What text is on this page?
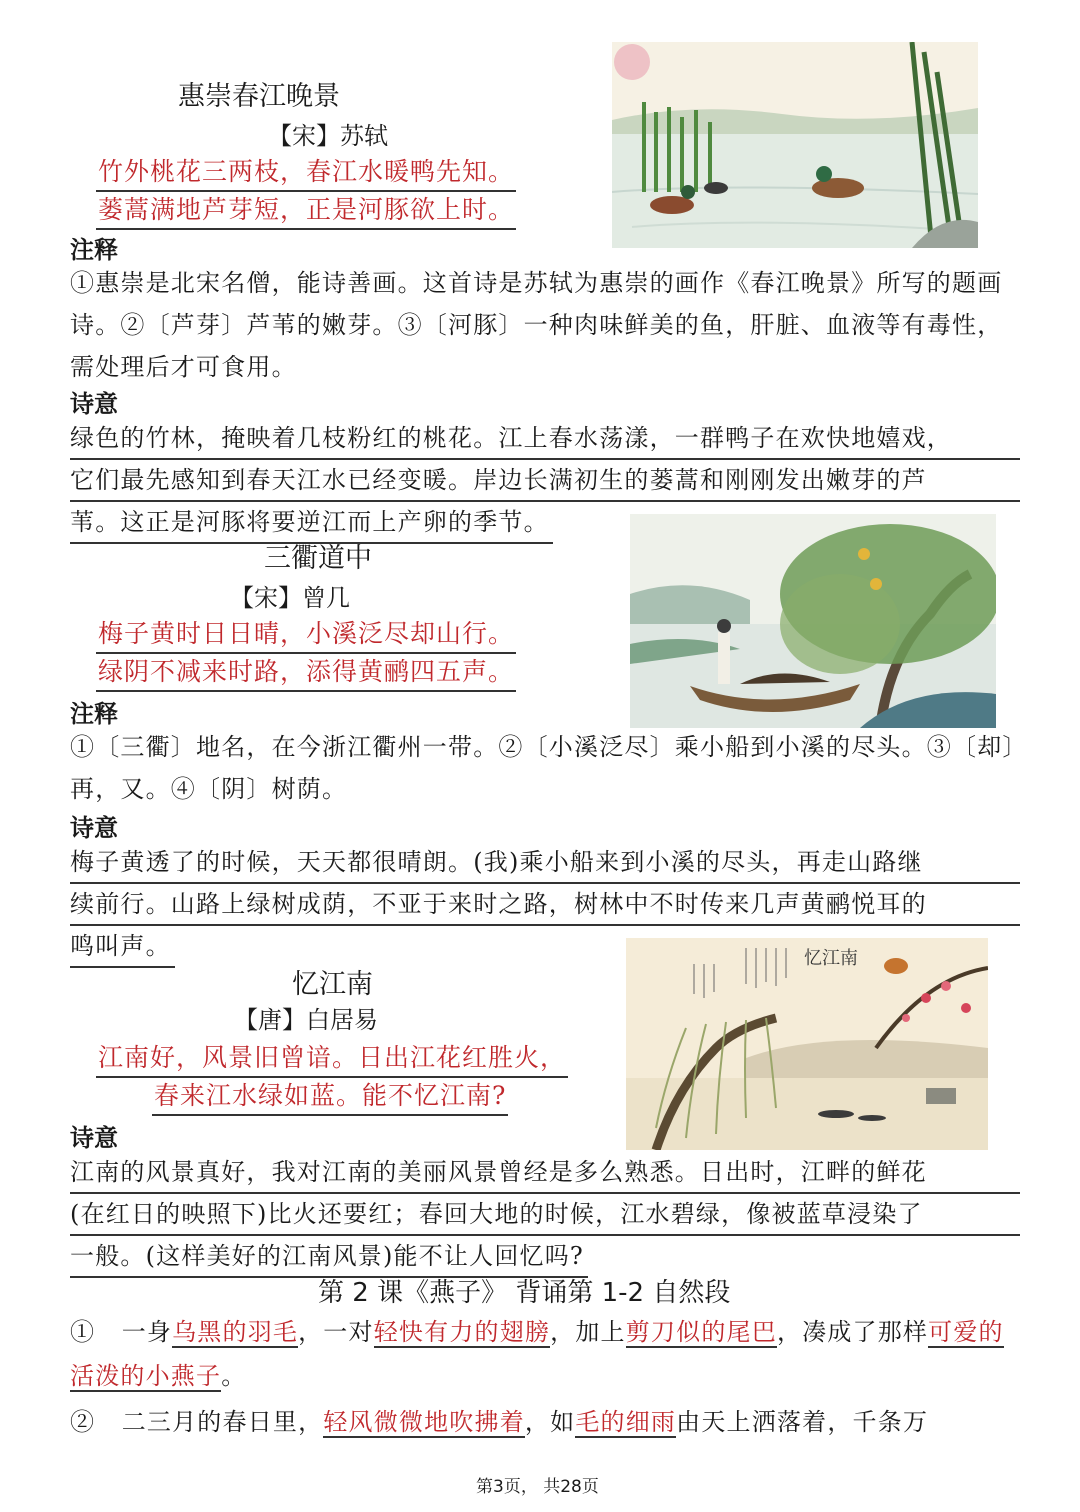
惠崇春江晚景
【宋】苏轼
竹外桃花三两枝，春江水暖鸭先知。
蒌蒿满地芦芽短，正是河豚欲上时。
注释
①惠崇是北宋名僧，能诗善画。这首诗是苏轼为惠崇的画作《春江晚景》所写的题画诗。②〔芦芽〕芦苇的嫩芽。③〔河豚〕一种肉味鲜美的鱼，肝脏、血液等有毒性，需处理后才可食用。
诗意
绿色的竹林，掩映着几枝粉红的桃花。江上春水荡漾，一群鸭子在欢快地嬉戏，
它们最先感知到春天江水已经变暖。岸边长满初生的蒌蒿和刚刚发出嫩芽的芦
苇。这正是河豚将要逆江而上产卵的季节。
三衢道中
【宋】曾几
梅子黄时日日晴，小溪泛尽却山行。
绿阴不减来时路，添得黄鹂四五声。
注释
①〔三衢〕地名，在今浙江衢州一带。②〔小溪泛尽〕乘小船到小溪的尽头。③〔却〕再，又。④〔阴〕树荫。
诗意
梅子黄透了的时候，天天都很晴朗。(我)乘小船来到小溪的尽头，再走山路继
续前行。山路上绿树成荫，不亚于来时之路，树林中不时传来几声黄鹂悦耳的
鸣叫声。
忆江南
【唐】白居易
江南好，风景旧曾谙。日出江花红胜火，
春来江水绿如蓝。能不忆江南?
忆江南
诗意
江南的风景真好，我对江南的美丽风景曾经是多么熟悉。日出时，江畔的鲜花
(在红日的映照下)比火还要红；春回大地的时候，江水碧绿，像被蓝草浸染了
一般。(这样美好的江南风景)能不让人回忆吗?
第 2 课《燕子》 背诵第 1-2 自然段
① 一身乌黑的羽毛，一对轻快有力的翅膀，加上剪刀似的尾巴，凑成了那样可爱的活泼的小燕子。
② 二三月的春日里，轻风微微地吹拂着，如毛的细雨由天上洒落着，千条万
第3页， 共28页
